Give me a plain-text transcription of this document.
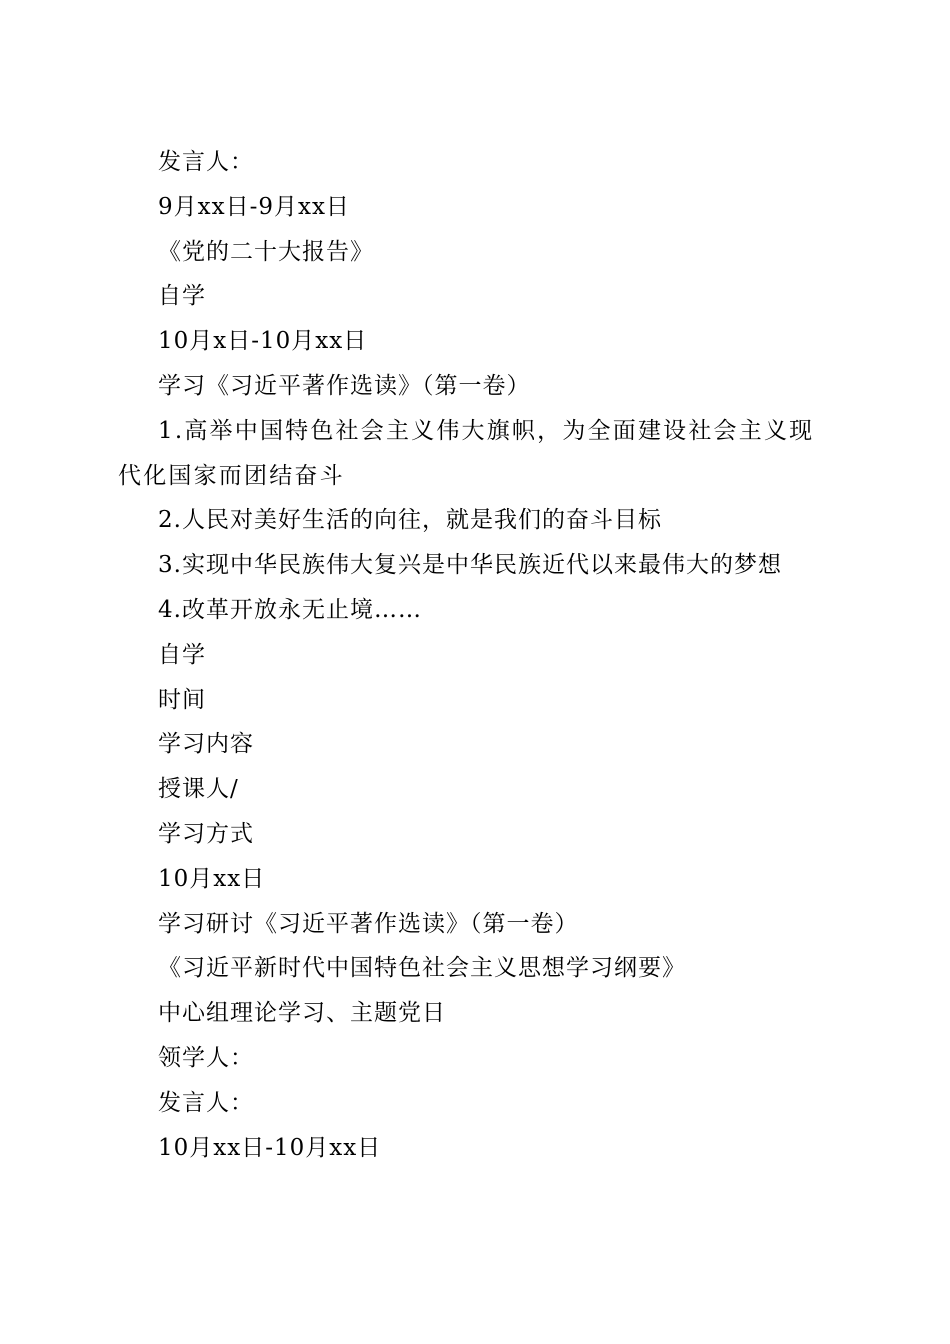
发言人：
9月xx日-9月xx日
《党的二十大报告》
自学
10月x日-10月xx日
学习《习近平著作选读》（第一卷）
1.高举中国特色社会主义伟大旗帜，为全面建设社会主义现代化国家而团结奋斗
2.人民对美好生活的向往，就是我们的奋斗目标
3.实现中华民族伟大复兴是中华民族近代以来最伟大的梦想
4.改革开放永无止境……
自学
时间
学习内容
授课人/
学习方式
10月xx日
学习研讨《习近平著作选读》（第一卷）
《习近平新时代中国特色社会主义思想学习纲要》
中心组理论学习、主题党日
领学人：
发言人：
10月xx日-10月xx日
